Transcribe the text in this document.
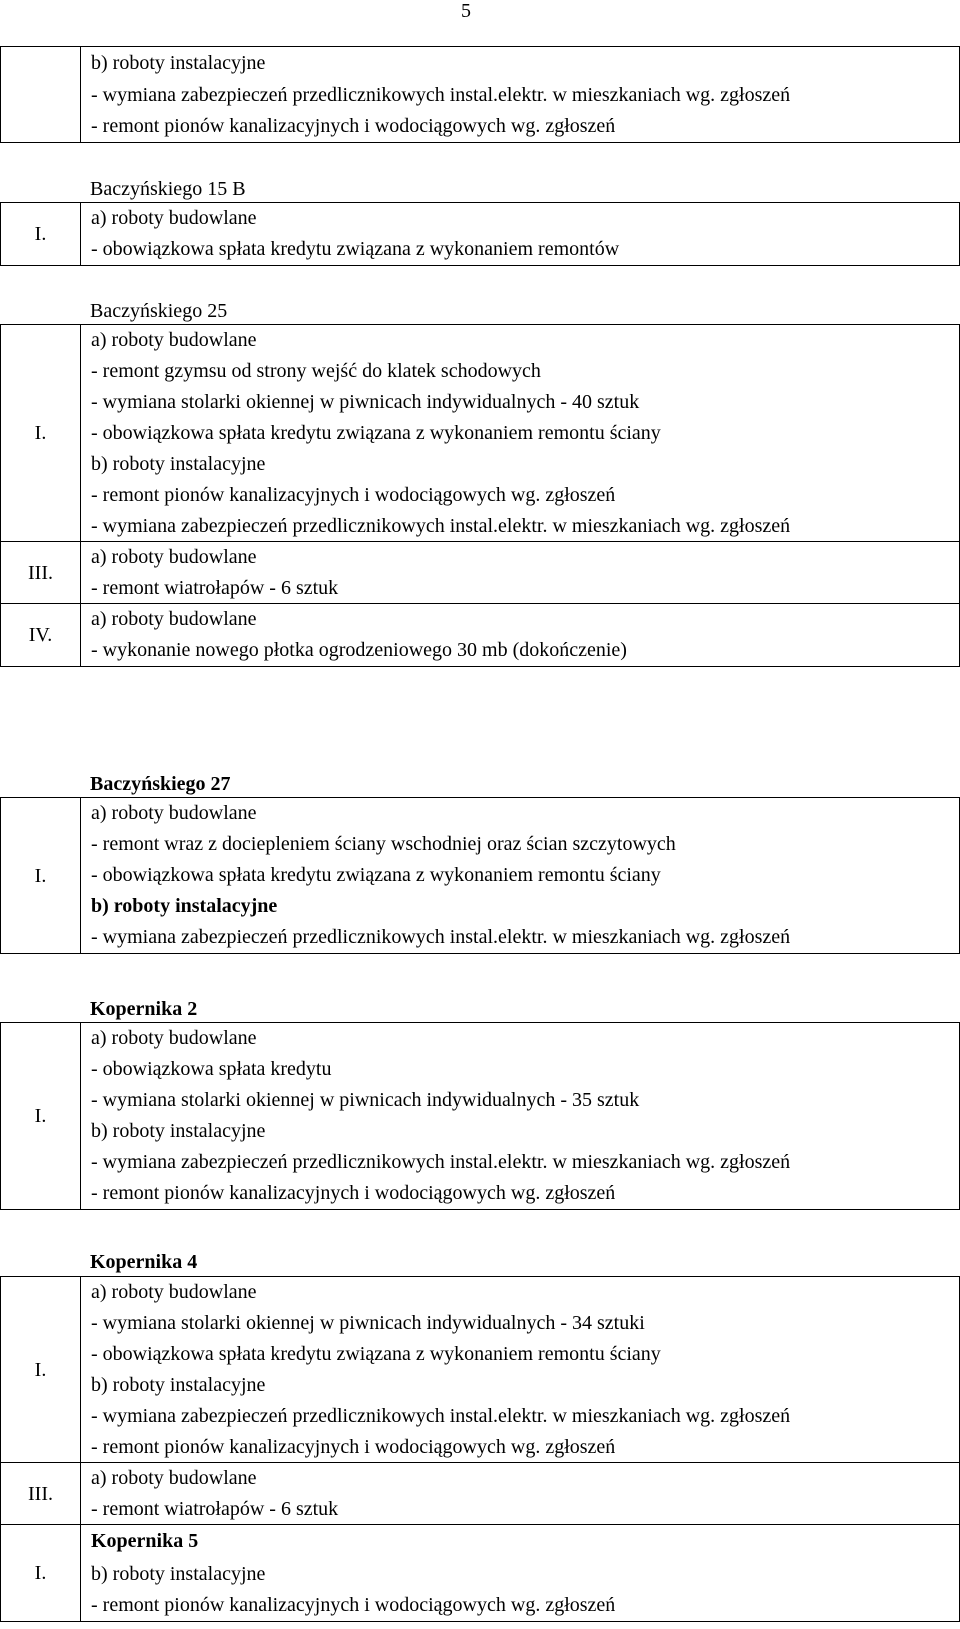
5
	b) roboty instalacyjne
- wymiana zabezpieczeń przedlicznikowych instal.elektr. w mieszkaniach wg. zgłoszeń
- remont pionów kanalizacyjnych i wodociągowych wg. zgłoszeń
Baczyńskiego 15 B
I.	a) roboty budowlane
- obowiązkowa spłata kredytu związana z wykonaniem remontów
Baczyńskiego 25
I.	a) roboty budowlane
	- remont gzymsu od strony wejść do klatek schodowych
	- wymiana stolarki okiennej w piwnicach indywidualnych - 40 sztuk
	- obowiązkowa spłata kredytu związana z wykonaniem remontu ściany
	b) roboty instalacyjne
	- remont pionów kanalizacyjnych i wodociągowych wg. zgłoszeń
	- wymiana zabezpieczeń przedlicznikowych instal.elektr. w mieszkaniach wg. zgłoszeń
III.	a) roboty budowlane
	- remont wiatrołapów - 6 sztuk
IV.	a) roboty budowlane
	- wykonanie nowego płotka ogrodzeniowego 30 mb (dokończenie)
Baczyńskiego 27
I.	a) roboty budowlane
- remont wraz z dociepleniem ściany wschodniej oraz ścian szczytowych
- obowiązkowa spłata kredytu związana z wykonaniem remontu ściany
b) roboty instalacyjne
- wymiana zabezpieczeń przedlicznikowych instal.elektr. w mieszkaniach wg. zgłoszeń
Kopernika 2
I.	a) roboty budowlane
- obowiązkowa spłata kredytu
- wymiana stolarki okiennej w piwnicach indywidualnych - 35 sztuk
b) roboty instalacyjne
- wymiana zabezpieczeń przedlicznikowych instal.elektr. w mieszkaniach wg. zgłoszeń
- remont pionów kanalizacyjnych i wodociągowych wg. zgłoszeń
Kopernika 4
I.	a) roboty budowlane
	- wymiana stolarki okiennej w piwnicach indywidualnych - 34 sztuki
	- obowiązkowa spłata kredytu związana z wykonaniem remontu ściany
	b) roboty instalacyjne
	- wymiana zabezpieczeń przedlicznikowych instal.elektr. w mieszkaniach wg. zgłoszeń
	- remont pionów kanalizacyjnych i wodociągowych wg. zgłoszeń
III.	a) roboty budowlane
	- remont wiatrołapów - 6 sztuk
I.	Kopernika 5
b) roboty instalacyjne
- remont pionów kanalizacyjnych i wodociągowych wg. zgłoszeń
